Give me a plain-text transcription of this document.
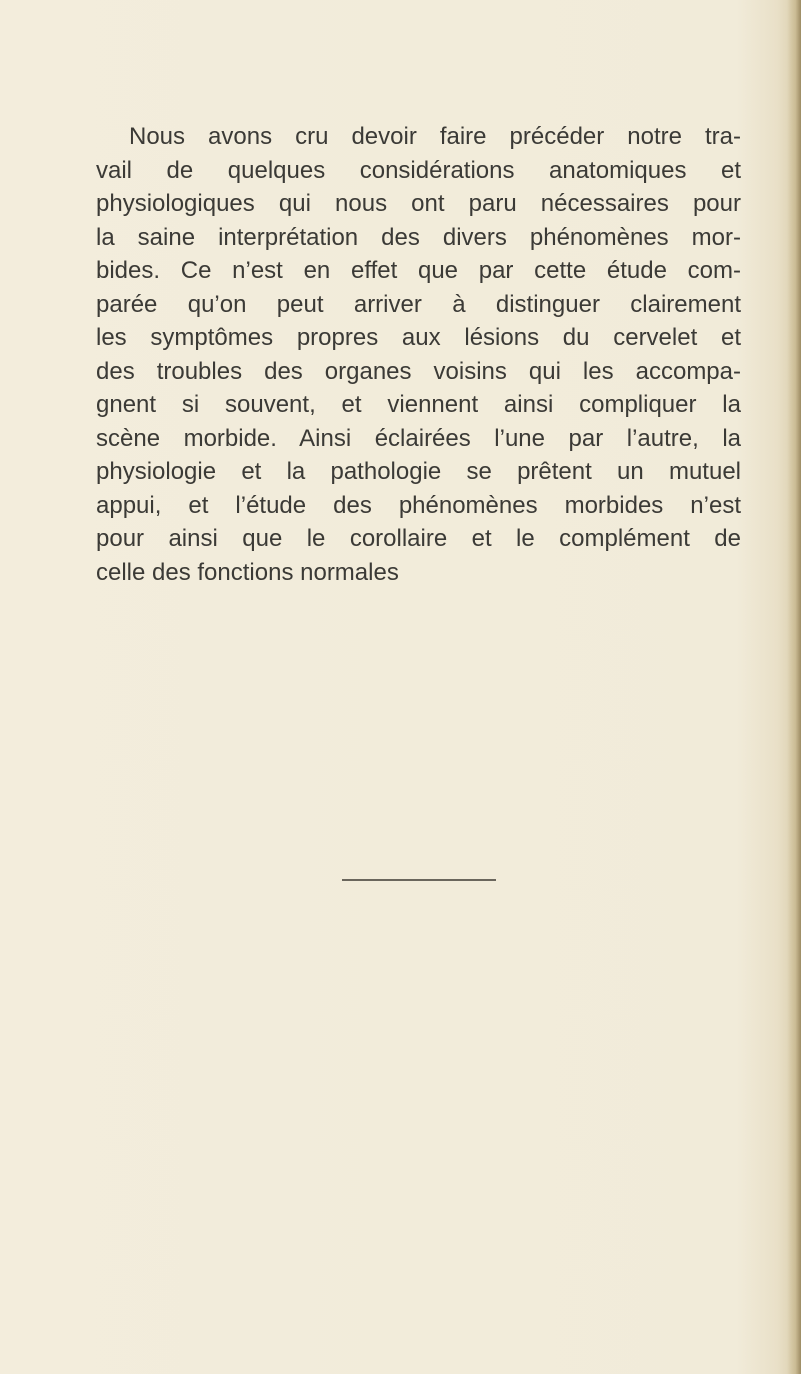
Nous avons cru devoir faire précéder notre tra-
vail de quelques considérations anatomiques et
physiologiques qui nous ont paru nécessaires pour
la saine interprétation des divers phénomènes mor-
bides. Ce n’est en effet que par cette étude com-
parée qu’on peut arriver à distinguer clairement
les symptômes propres aux lésions du cervelet et
des troubles des organes voisins qui les accompa-
gnent si souvent, et viennent ainsi compliquer la
scène morbide. Ainsi éclairées l’une par l’autre, la
physiologie et la pathologie se prêtent un mutuel
appui, et l’étude des phénomènes morbides n’est
pour ainsi que le corollaire et le complément de
celle des fonctions normales
